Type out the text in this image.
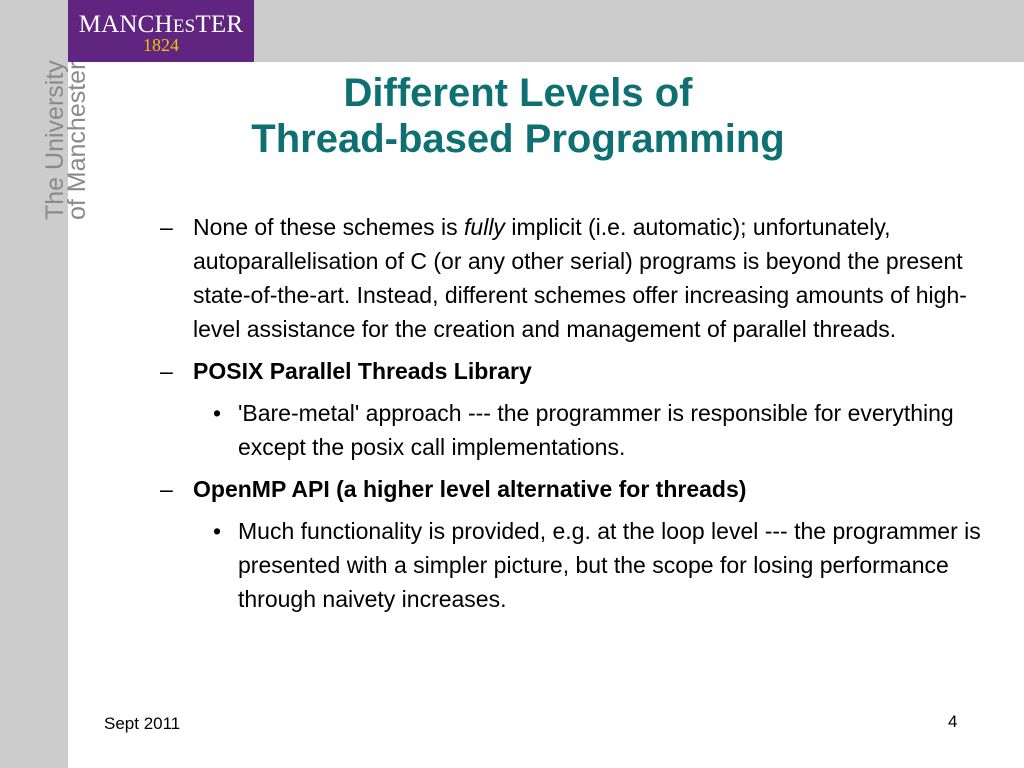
MANCHESTER
1824
The University
of Manchester	Different Levels of
Thread-based Programming
– None of these schemes is fully implicit (i.e. automatic); unfortunately, autoparallelisation of C (or any other serial) programs is beyond the present state-of-the-art. Instead, different schemes offer increasing amounts of high-level assistance for the creation and management of parallel threads.
– POSIX Parallel Threads Library
• 'Bare-metal' approach --- the programmer is responsible for everything except the posix call implementations.
– OpenMP API (a higher level alternative for threads)
• Much functionality is provided, e.g. at the loop level --- the programmer is presented with a simpler picture, but the scope for losing performance through naivety increases.
Sept 2011	4
